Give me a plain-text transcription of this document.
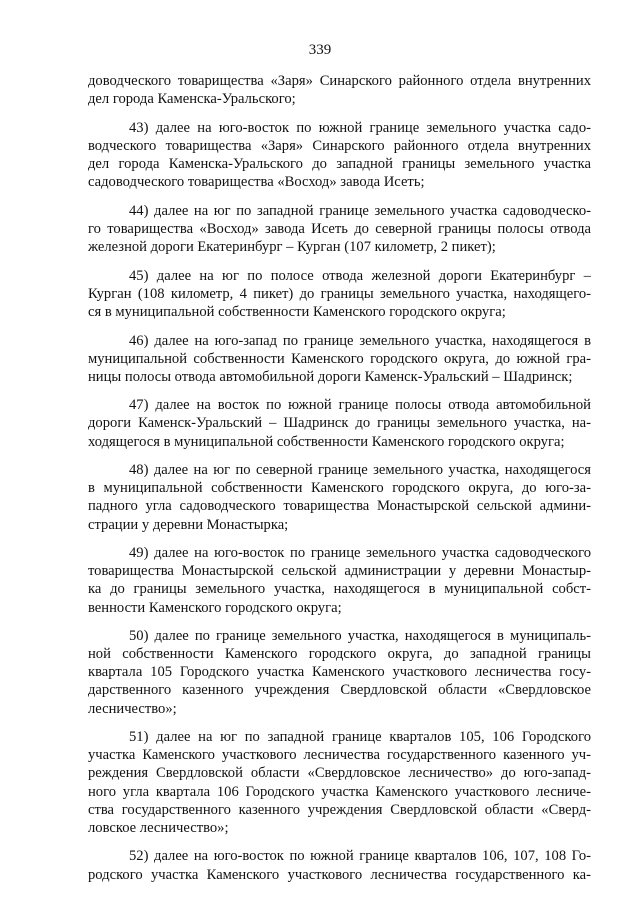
339
доводческого товарищества «Заря» Синарского районного отдела внутренних
дел города Каменска-Уральского;
43) далее на юго-восток по южной границе земельного участка садо-
водческого товарищества «Заря» Синарского районного отдела внутренних
дел города Каменска-Уральского до западной границы земельного участка
садоводческого товарищества «Восход» завода Исеть;
44) далее на юг по западной границе земельного участка садоводческо-
го товарищества «Восход» завода Исеть до северной границы полосы отвода
железной дороги Екатеринбург – Курган (107 километр, 2 пикет);
45) далее на юг по полосе отвода железной дороги Екатеринбург –
Курган (108 километр, 4 пикет) до границы земельного участка, находящего-
ся в муниципальной собственности Каменского городского округа;
46) далее на юго-запад по границе земельного участка, находящегося в
муниципальной собственности Каменского городского округа, до южной гра-
ницы полосы отвода автомобильной дороги Каменск-Уральский – Шадринск;
47) далее на восток по южной границе полосы отвода автомобильной
дороги Каменск-Уральский – Шадринск до границы земельного участка, на-
ходящегося в муниципальной собственности Каменского городского округа;
48) далее на юг по северной границе земельного участка, находящегося
в муниципальной собственности Каменского городского округа, до юго-за-
падного угла садоводческого товарищества Монастырской сельской админи-
страции у деревни Монастырка;
49) далее на юго-восток по границе земельного участка садоводческого
товарищества Монастырской сельской администрации у деревни Монастыр-
ка до границы земельного участка, находящегося в муниципальной собст-
венности Каменского городского округа;
50) далее по границе земельного участка, находящегося в муниципаль-
ной собственности Каменского городского округа, до западной границы
квартала 105 Городского участка Каменского участкового лесничества госу-
дарственного казенного учреждения Свердловской области «Свердловское
лесничество»;
51) далее на юг по западной границе кварталов 105, 106 Городского
участка Каменского участкового лесничества государственного казенного уч-
реждения Свердловской области «Свердловское лесничество» до юго-запад-
ного угла квартала 106 Городского участка Каменского участкового лесниче-
ства государственного казенного учреждения Свердловской области «Сверд-
ловское лесничество»;
52) далее на юго-восток по южной границе кварталов 106, 107, 108 Го-
родского участка Каменского участкового лесничества государственного ка-
